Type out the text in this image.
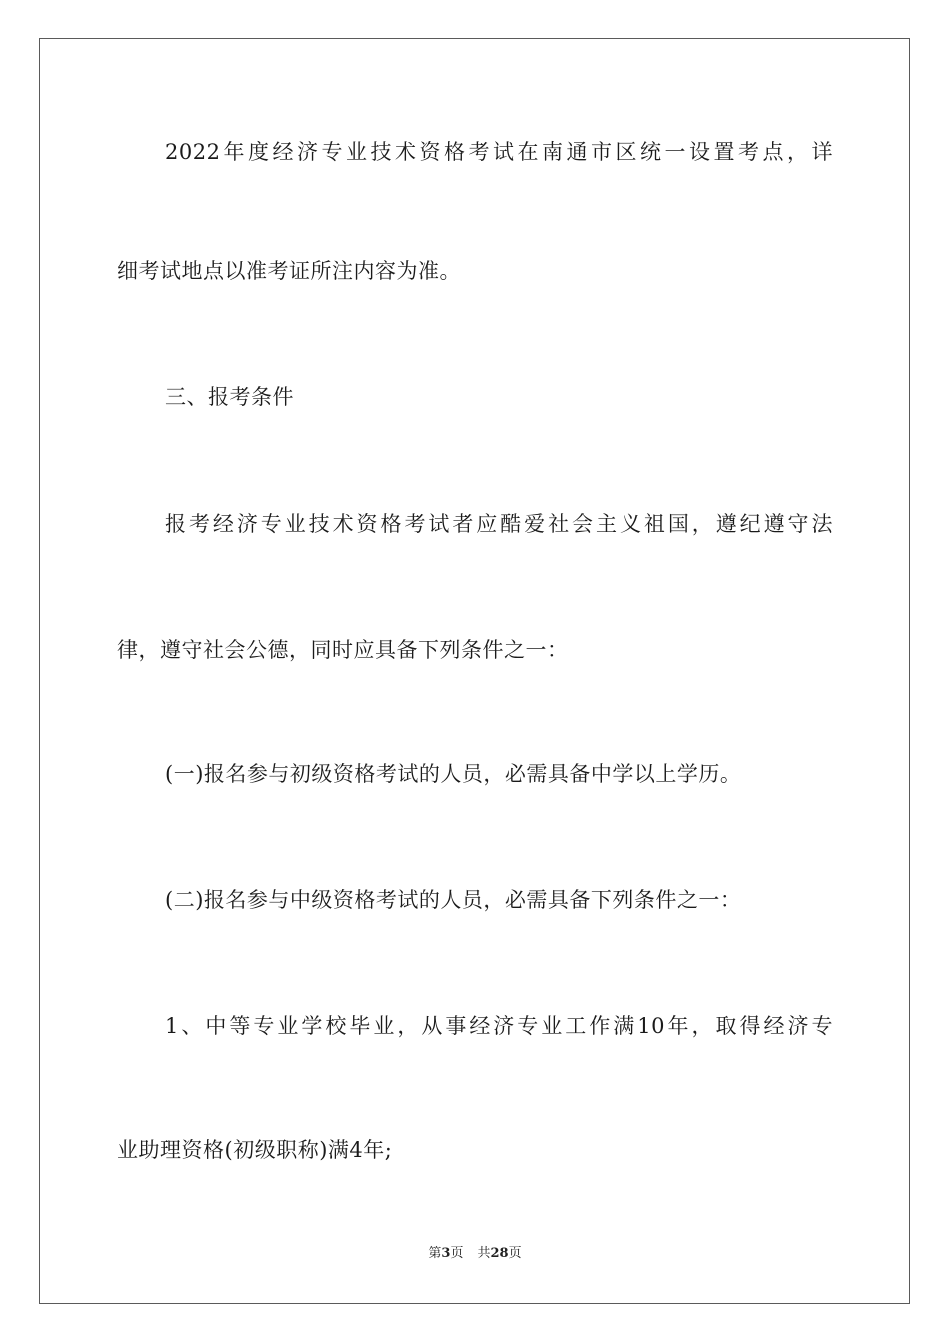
2022年度经济专业技术资格考试在南通市区统一设置考点，详
细考试地点以准考证所注内容为准。
三、报考条件
报考经济专业技术资格考试者应酷爱社会主义祖国，遵纪遵守法
律，遵守社会公德，同时应具备下列条件之一：
(一)报名参与初级资格考试的人员，必需具备中学以上学历。
(二)报名参与中级资格考试的人员，必需具备下列条件之一：
1、中等专业学校毕业，从事经济专业工作满10年，取得经济专
业助理资格(初级职称)满4年;
第3页 共28页
